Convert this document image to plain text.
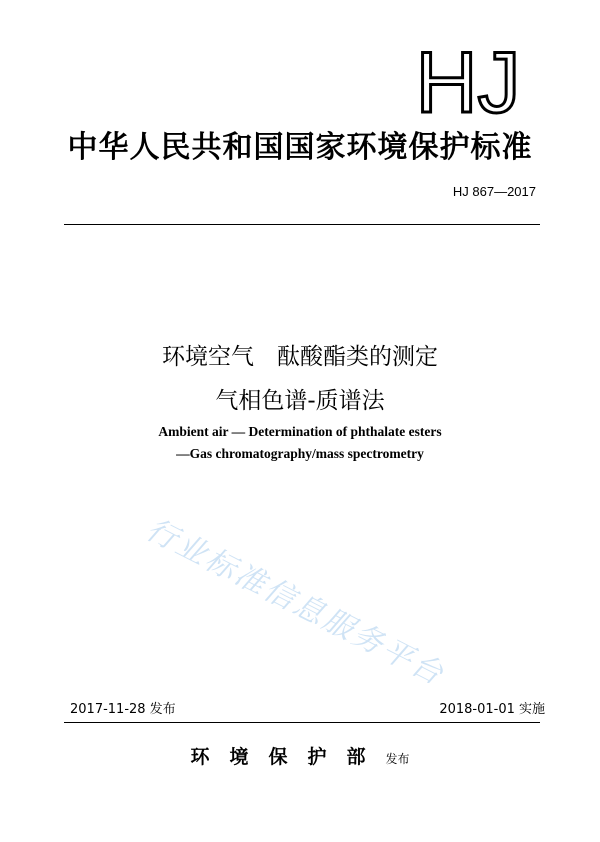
HJ
中华人民共和国国家环境保护标准
HJ 867—2017
环境空气　酞酸酯类的测定
气相色谱-质谱法
Ambient air — Determination of phthalate esters
—Gas chromatography/mass spectrometry
行业标准信息服务平台
2017-11-28 发布	2018-01-01 实施
环境保护部发布
